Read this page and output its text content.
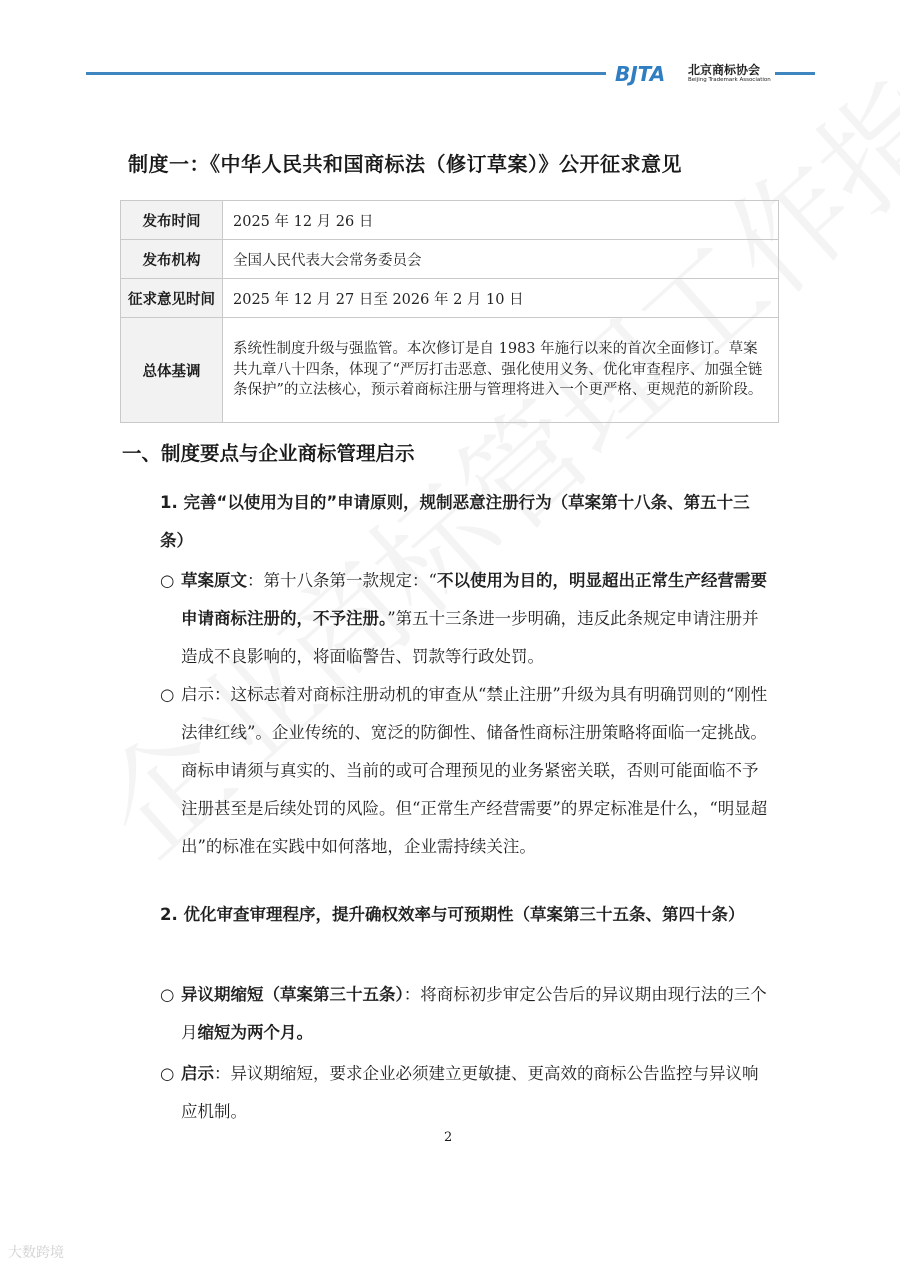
BJTA 北京商标协会
Beijing Trademark Association
制度一：《中华人民共和国商标法（修订草案）》公开征求意见
发布时间	2025 年 12 月 26 日
发布机构	全国人民代表大会常务委员会
征求意见时间	2025 年 12 月 27 日至 2026 年 2 月 10 日
总体基调	系统性制度升级与强监管。本次修订是自 1983 年施行以来的首次全面修订。草案共九章八十四条，体现了“严厉打击恶意、强化使用义务、优化审查程序、加强全链条保护”的立法核心，预示着商标注册与管理将进入一个更严格、更规范的新阶段。
一、制度要点与企业商标管理启示
1. 完善“以使用为目的”申请原则，规制恶意注册行为（草案第十八条、第五十三条）
○ 草案原文：第十八条第一款规定：“不以使用为目的，明显超出正常生产经营需要申请商标注册的，不予注册。”第五十三条进一步明确，违反此条规定申请注册并造成不良影响的，将面临警告、罚款等行政处罚。
○ 启示：这标志着对商标注册动机的审查从“禁止注册”升级为具有明确罚则的“刚性法律红线”。企业传统的、宽泛的防御性、储备性商标注册策略将面临一定挑战。商标申请须与真实的、当前的或可合理预见的业务紧密关联，否则可能面临不予注册甚至是后续处罚的风险。但“正常生产经营需要”的界定标准是什么，“明显超出”的标准在实践中如何落地，企业需持续关注。
2. 优化审查审理程序，提升确权效率与可预期性（草案第三十五条、第四十条）
○ 异议期缩短（草案第三十五条）：将商标初步审定公告后的异议期由现行法的三个月缩短为两个月。
○ 启示：异议期缩短，要求企业必须建立更敏捷、更高效的商标公告监控与异议响应机制。
2
大数跨境
